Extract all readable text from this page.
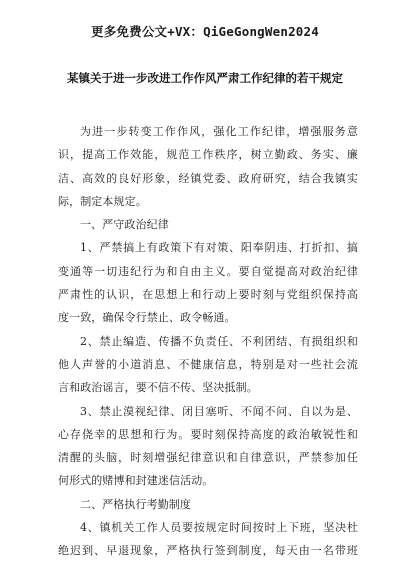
更多免费公文+VX：QiGeGongWen2024
某镇关于进一步改进工作作风严肃工作纪律的若干规定
为进一步转变工作作风，强化工作纪律，增强服务意
识，提高工作效能，规范工作秩序，树立勤政、务实、廉
洁、高效的良好形象，经镇党委、政府研究，结合我镇实
际，制定本规定。
一、严守政治纪律
1、严禁搞上有政策下有对策、阳奉阴违、打折扣、搞
变通等一切违纪行为和自由主义。要自觉提高对政治纪律
严肃性的认识，在思想上和行动上要时刻与党组织保持高
度一致，确保令行禁止、政令畅通。
2、禁止编造、传播不负责任、不利团结、有损组织和
他人声誉的小道消息、不健康信息，特别是对一些社会流
言和政治谣言，要不信不传、坚决抵制。
3、禁止漠视纪律、闭目塞听、不闻不问、自以为是、
心存侥幸的思想和行为。要时刻保持高度的政治敏锐性和
清醒的头脑，时刻增强纪律意识和自律意识，严禁参加任
何形式的赌博和封建迷信活动。
二、严格执行考勤制度
4、镇机关工作人员要按规定时间按时上下班，坚决杜
绝迟到、早退现象，严格执行签到制度，每天由一名带班
